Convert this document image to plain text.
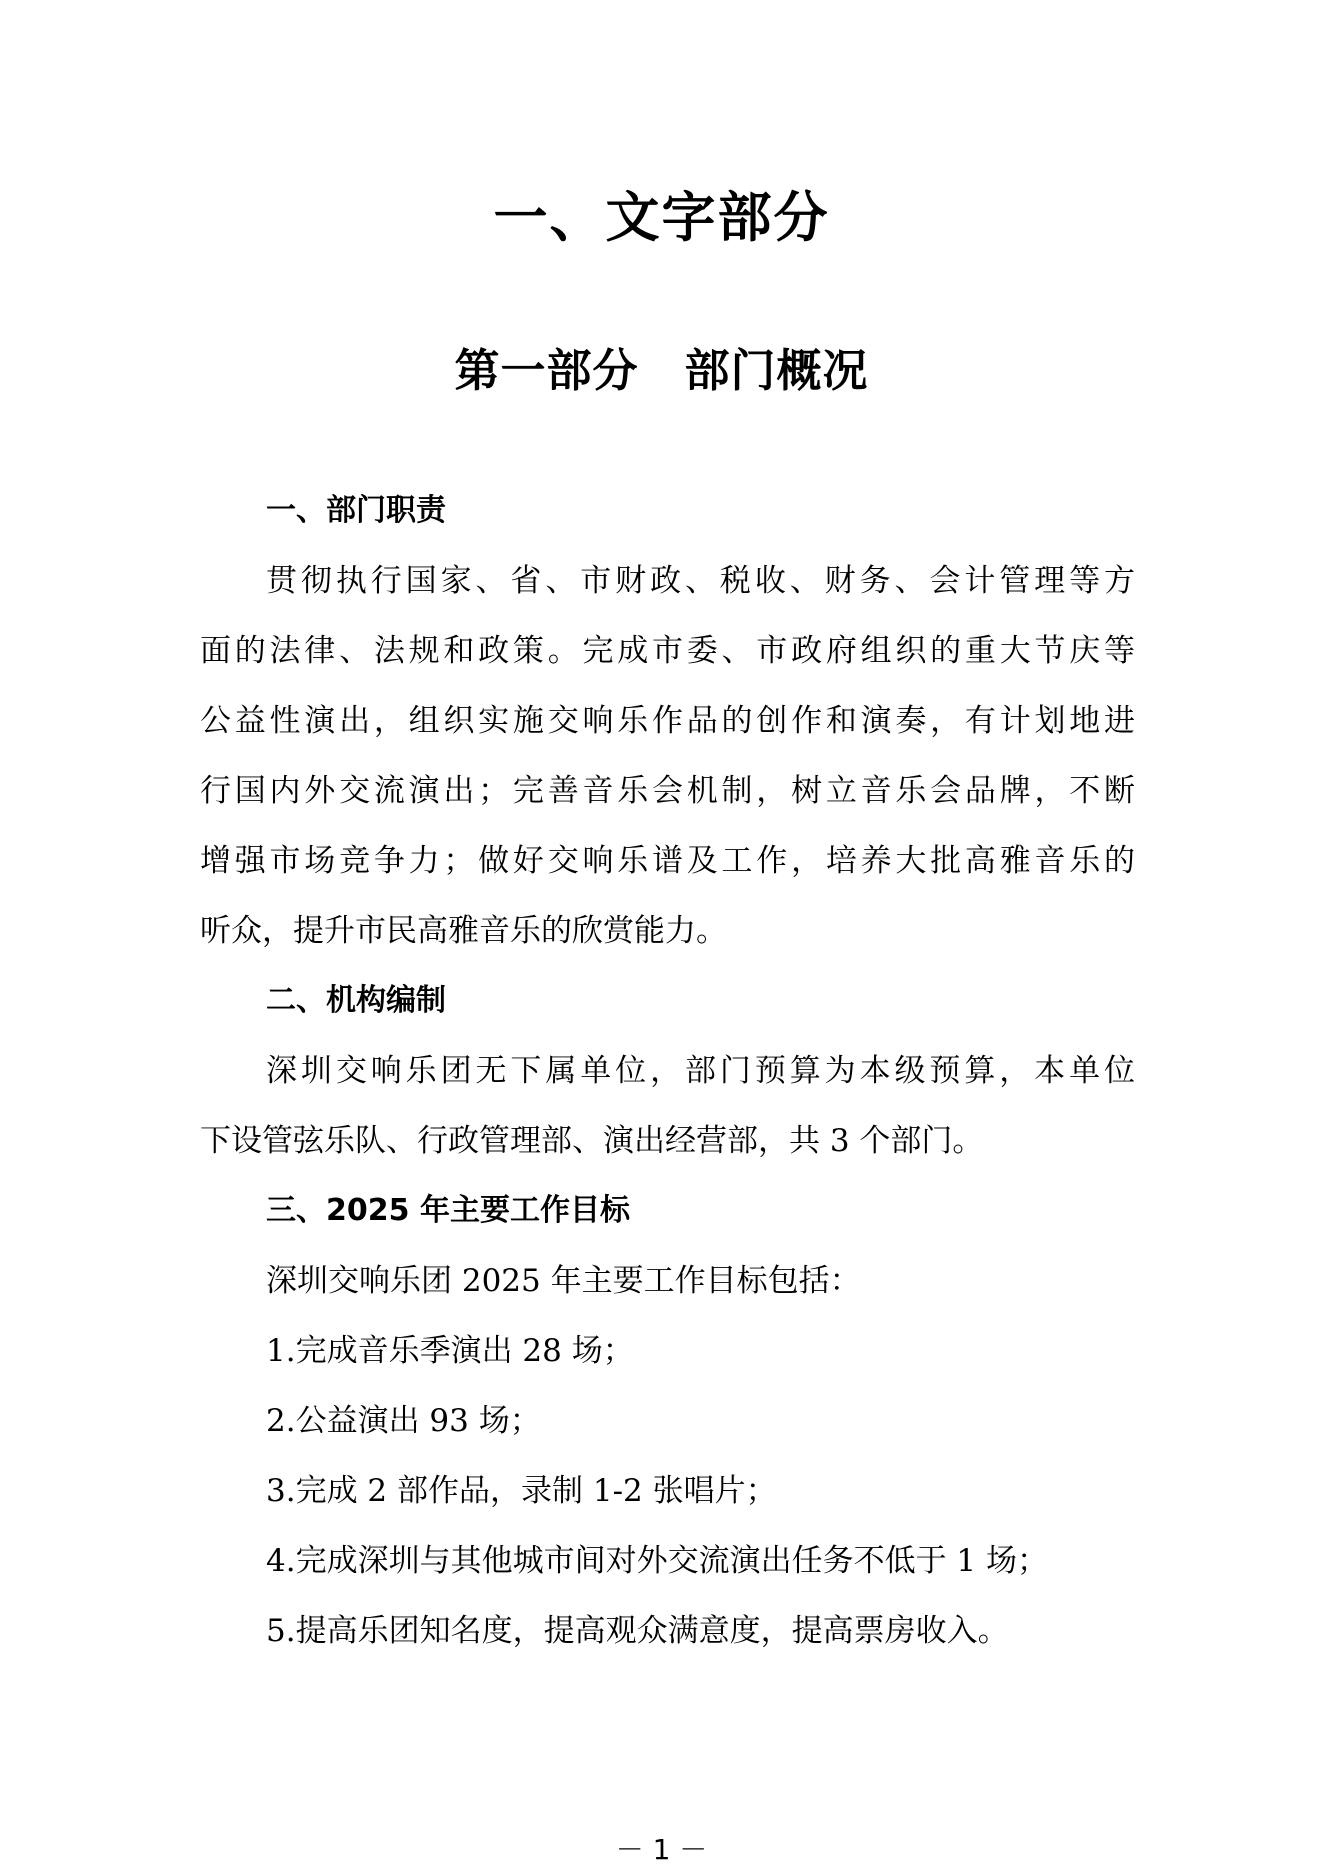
一、文字部分
第一部分　部门概况
一、部门职责
贯彻执行国家、省、市财政、税收、财务、会计管理等方
面的法律、法规和政策。完成市委、市政府组织的重大节庆等
公益性演出，组织实施交响乐作品的创作和演奏，有计划地进
行国内外交流演出；完善音乐会机制，树立音乐会品牌，不断
增强市场竞争力；做好交响乐谱及工作，培养大批高雅音乐的
听众，提升市民高雅音乐的欣赏能力。
二、机构编制
深圳交响乐团无下属单位，部门预算为本级预算，本单位
下设管弦乐队、行政管理部、演出经营部，共 3 个部门。
三、2025 年主要工作目标
深圳交响乐团 2025 年主要工作目标包括：
1.完成音乐季演出 28 场；
2.公益演出 93 场；
3.完成 2 部作品，录制 1-2 张唱片；
4.完成深圳与其他城市间对外交流演出任务不低于 1 场；
5.提高乐团知名度，提高观众满意度，提高票房收入。
－ 1 －
